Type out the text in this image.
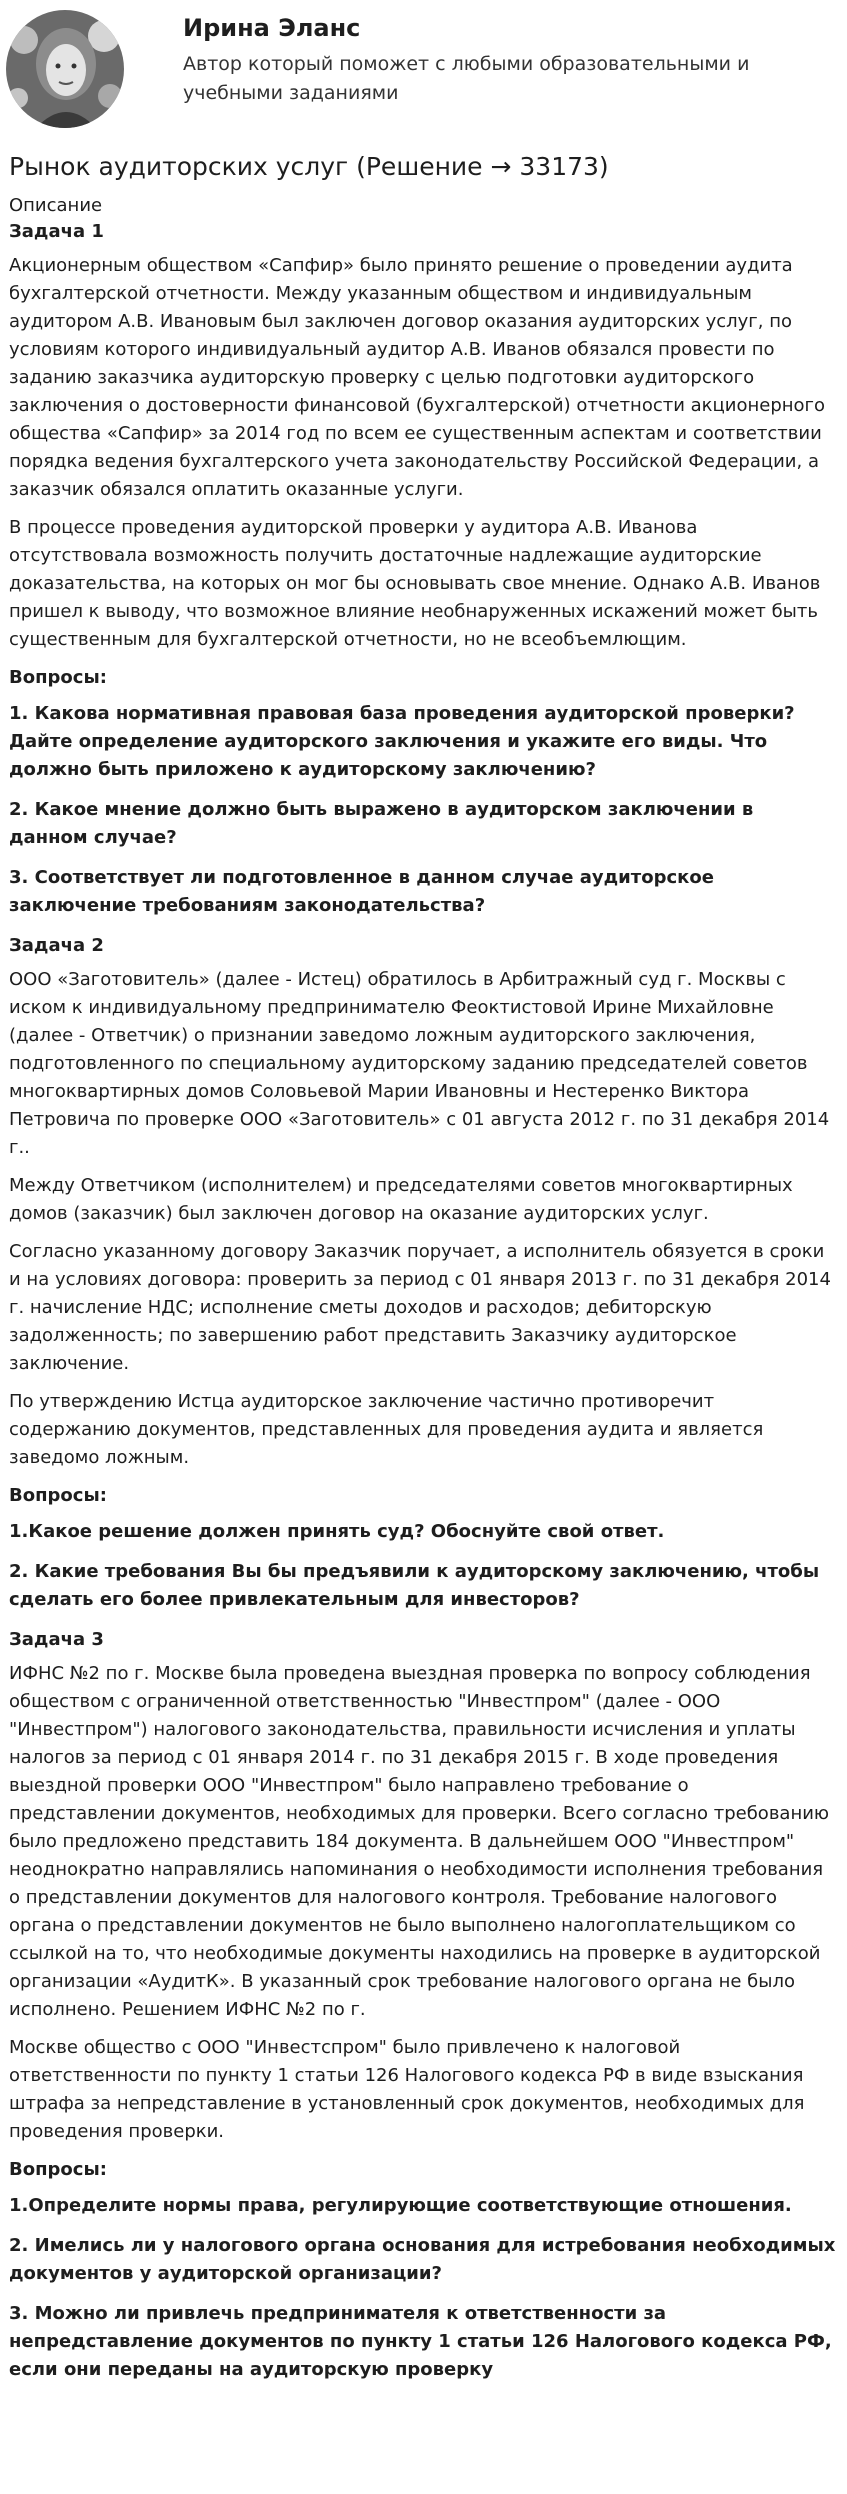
Ирина Эланс

Автор который поможет с любыми образовательными и учебными заданиями

Рынок аудиторских услуг (Решение → 33173)

Описание

Задача 1

Акционерным обществом «Сапфир» было принято решение о проведении аудита бухгалтерской отчетности. Между указанным обществом и индивидуальным аудитором А.В. Ивановым был заключен договор оказания аудиторских услуг, по условиям которого индивидуальный аудитор А.В. Иванов обязался провести по заданию заказчика аудиторскую проверку с целью подготовки аудиторского заключения о достоверности финансовой (бухгалтерской) отчетности акционерного общества «Сапфир» за 2014 год по всем ее существенным аспектам и соответствии порядка ведения бухгалтерского учета законодательству Российской Федерации, а заказчик обязался оплатить оказанные услуги.

В процессе проведения аудиторской проверки у аудитора А.В. Иванова отсутствовала возможность получить достаточные надлежащие аудиторские доказательства, на которых он мог бы основывать свое мнение. Однако А.В. Иванов пришел к выводу, что возможное влияние необнаруженных искажений может быть существенным для бухгалтерской отчетности, но не всеобъемлющим.

Вопросы:

1. Какова нормативная правовая база проведения аудиторской проверки? Дайте определение аудиторского заключения и укажите его виды. Что должно быть приложено к аудиторскому заключению?

2. Какое мнение должно быть выражено в аудиторском заключении в данном случае?

3. Соответствует ли подготовленное в данном случае аудиторское заключение требованиям законодательства?

Задача 2

ООО «Заготовитель» (далее - Истец) обратилось в Арбитражный суд г. Москвы с иском к индивидуальному предпринимателю Феоктистовой Ирине Михайловне (далее - Ответчик) о признании заведомо ложным аудиторского заключения, подготовленного по специальному аудиторскому заданию председателей советов многоквартирных домов Соловьевой Марии Ивановны и Нестеренко Виктора Петровича по проверке ООО «Заготовитель» с 01 августа 2012 г. по 31 декабря 2014 г..

Между Ответчиком (исполнителем) и председателями советов многоквартирных домов (заказчик) был заключен договор на оказание аудиторских услуг.

Согласно указанному договору Заказчик поручает, а исполнитель обязуется в сроки и на условиях договора: проверить за период с 01 января 2013 г. по 31 декабря 2014 г. начисление НДС; исполнение сметы доходов и расходов; дебиторскую задолженность; по завершению работ представить Заказчику аудиторское заключение.

По утверждению Истца аудиторское заключение частично противоречит содержанию документов, представленных для проведения аудита и является заведомо ложным.

Вопросы:

1.Какое решение должен принять суд? Обоснуйте свой ответ.

2. Какие требования Вы бы предъявили к аудиторскому заключению, чтобы сделать его более привлекательным для инвесторов?

Задача 3

ИФНС №2 по г. Москве была проведена выездная проверка по вопросу соблюдения обществом с ограниченной ответственностью "Инвестпром" (далее - ООО "Инвестпром") налогового законодательства, правильности исчисления и уплаты налогов за период с 01 января 2014 г. по 31 декабря 2015 г. В ходе проведения выездной проверки ООО "Инвестпром" было направлено требование о представлении документов, необходимых для проверки. Всего согласно требованию было предложено представить 184 документа. В дальнейшем ООО "Инвестпром" неоднократно направлялись напоминания о необходимости исполнения требования о представлении документов для налогового контроля. Требование налогового органа о представлении документов не было выполнено налогоплательщиком со ссылкой на то, что необходимые документы находились на проверке в аудиторской организации «АудитК». В указанный срок требование налогового органа не было исполнено. Решением ИФНС №2 по г.

Москве общество с ООО "Инвестспром" было привлечено к налоговой ответственности по пункту 1 статьи 126 Налогового кодекса РФ в виде взыскания штрафа за непредставление в установленный срок документов, необходимых для проведения проверки.

Вопросы:

1.Определите нормы права, регулирующие соответствующие отношения.

2. Имелись ли у налогового органа основания для истребования необходимых документов у аудиторской организации?

3. Можно ли привлечь предпринимателя к ответственности за непредставление документов по пункту 1 статьи 126 Налогового кодекса РФ, если они переданы на аудиторскую проверку
